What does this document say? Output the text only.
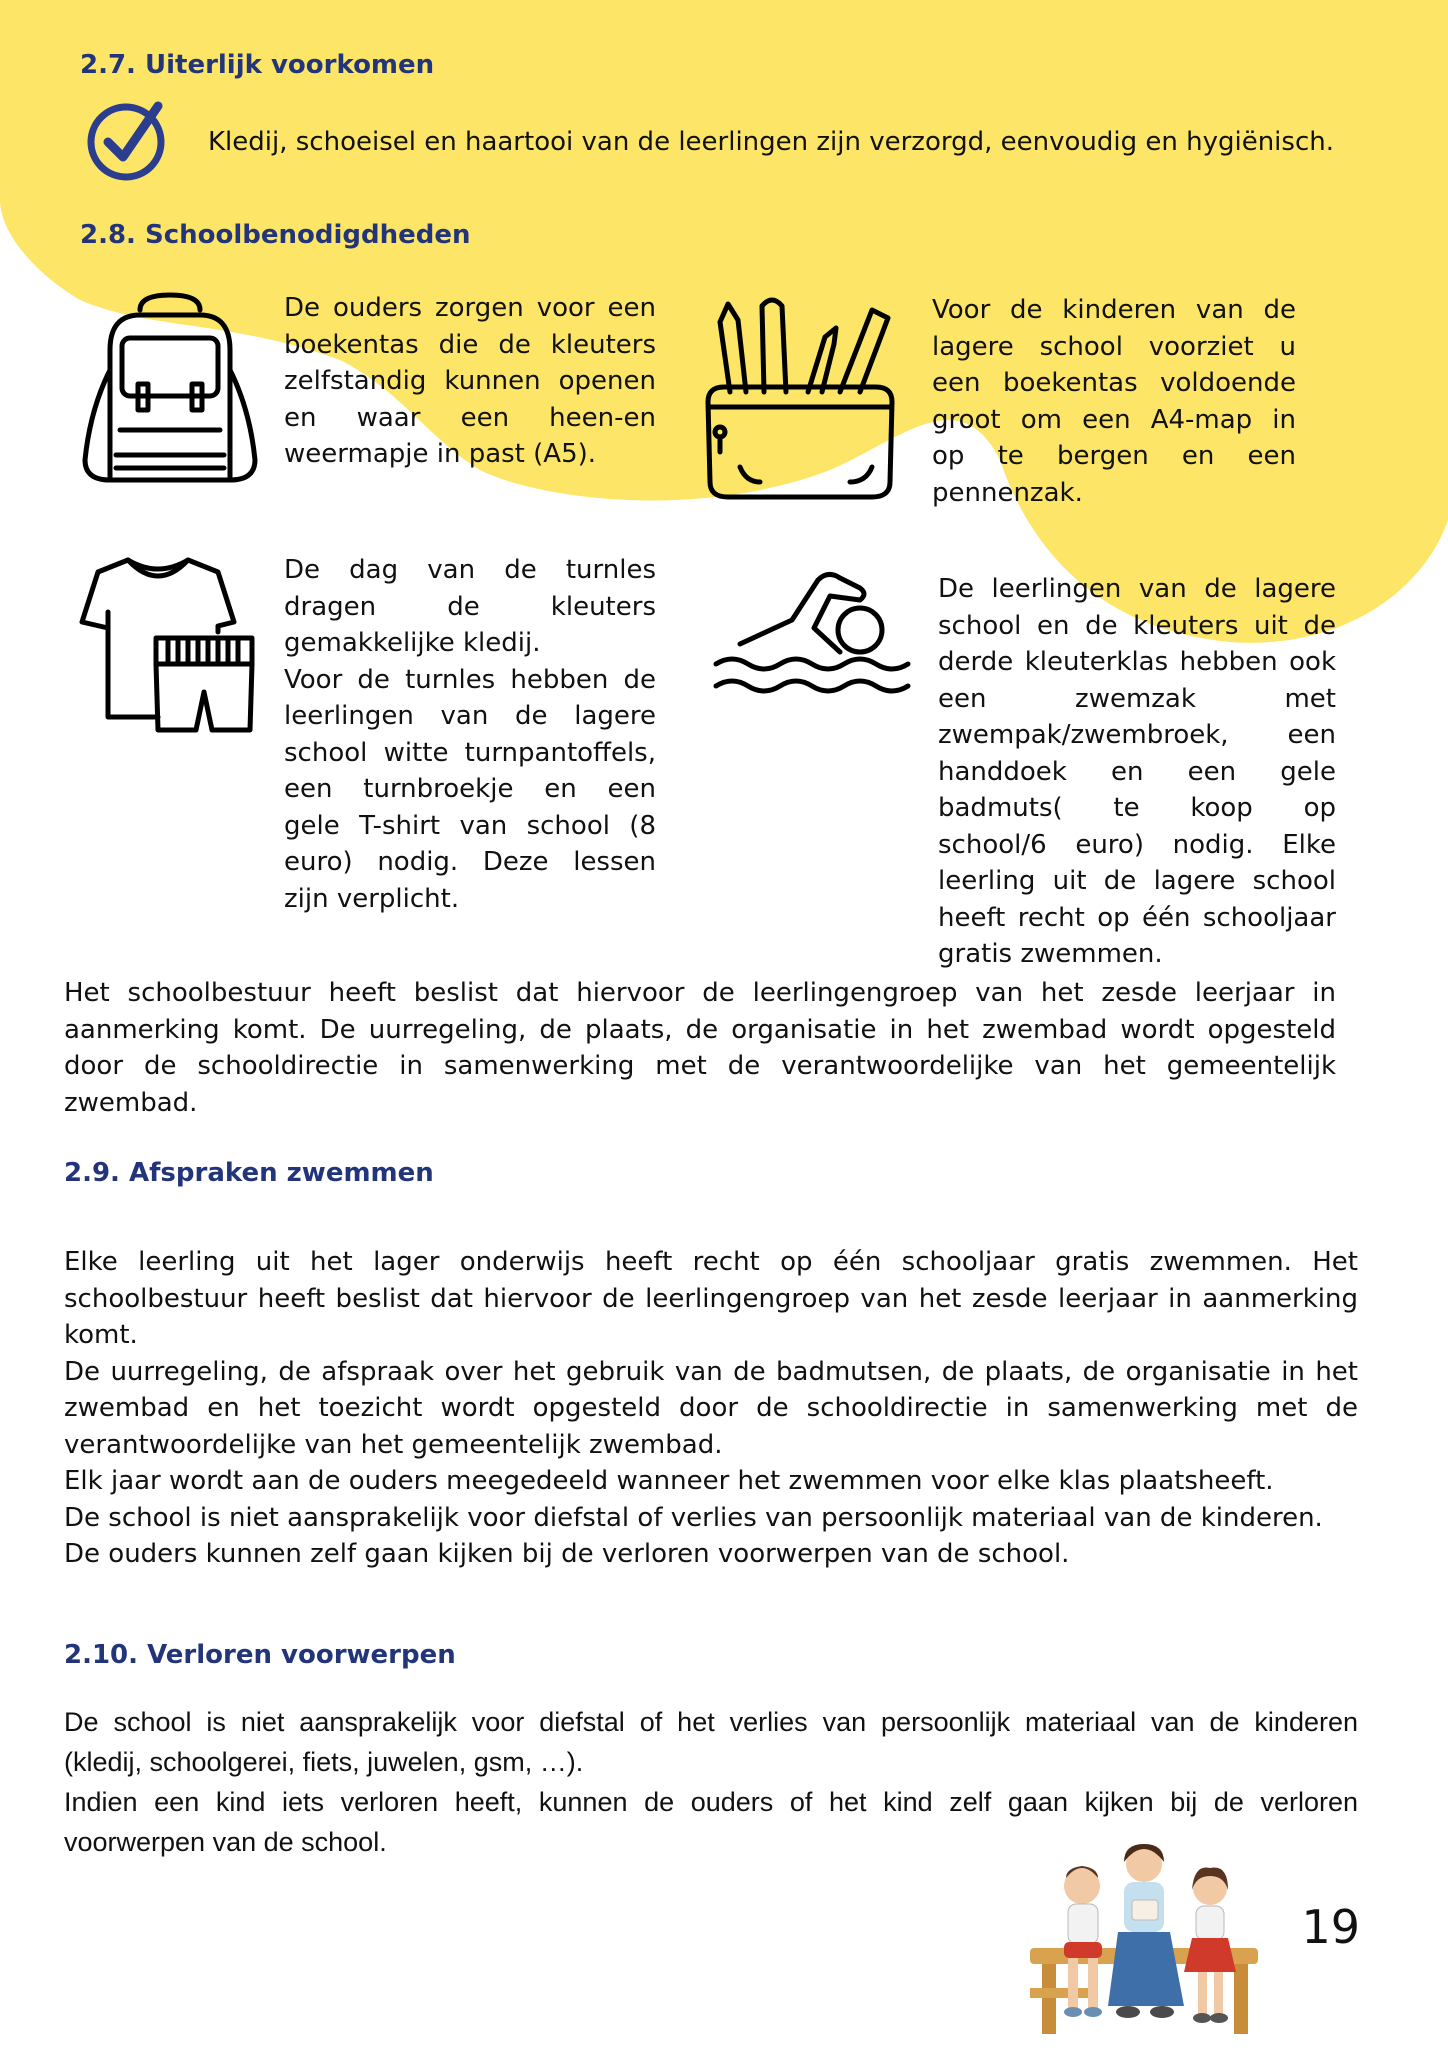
2.7. Uiterlijk voorkomen
Kledij, schoeisel en haartooi van de leerlingen zijn verzorgd, eenvoudig en hygiënisch.
2.8. Schoolbenodigdheden
De ouders zorgen voor een
boekentas die de kleuters
zelfstandig kunnen openen
en waar een heen-en
weermapje in past (A5).
Voor de kinderen van de
lagere school voorziet u
een boekentas voldoende
groot om een A4-map in
op te bergen en een
pennenzak.
De dag van de turnles
dragen de kleuters
gemakkelijke kledij.
Voor de turnles hebben de
leerlingen van de lagere
school witte turnpantoffels,
een turnbroekje en een
gele T-shirt van school (8
euro) nodig. Deze lessen
zijn verplicht.
De leerlingen van de lagere
school en de kleuters uit de
derde kleuterklas hebben ook
een zwemzak met
zwempak/zwembroek, een
handdoek en een gele
badmuts( te koop op
school/6 euro) nodig. Elke
leerling uit de lagere school
heeft recht op één schooljaar
gratis zwemmen.
Het schoolbestuur heeft beslist dat hiervoor de leerlingengroep van het zesde leerjaar in
aanmerking komt. De uurregeling, de plaats, de organisatie in het zwembad wordt opgesteld
door de schooldirectie in samenwerking met de verantwoordelijke van het gemeentelijk
zwembad.
2.9. Afspraken zwemmen
Elke leerling uit het lager onderwijs heeft recht op één schooljaar gratis zwemmen. Het
schoolbestuur heeft beslist dat hiervoor de leerlingengroep van het zesde leerjaar in aanmerking
komt.
De uurregeling, de afspraak over het gebruik van de badmutsen, de plaats, de organisatie in het
zwembad en het toezicht wordt opgesteld door de schooldirectie in samenwerking met de
verantwoordelijke van het gemeentelijk zwembad.
Elk jaar wordt aan de ouders meegedeeld wanneer het zwemmen voor elke klas plaatsheeft.
De school is niet aansprakelijk voor diefstal of verlies van persoonlijk materiaal van de kinderen.
De ouders kunnen zelf gaan kijken bij de verloren voorwerpen van de school.
2.10. Verloren voorwerpen
De school is niet aansprakelijk voor diefstal of het verlies van persoonlijk materiaal van de kinderen
(kledij, schoolgerei, fiets, juwelen, gsm, …).
Indien een kind iets verloren heeft, kunnen de ouders of het kind zelf gaan kijken bij de verloren
voorwerpen van de school.
19
